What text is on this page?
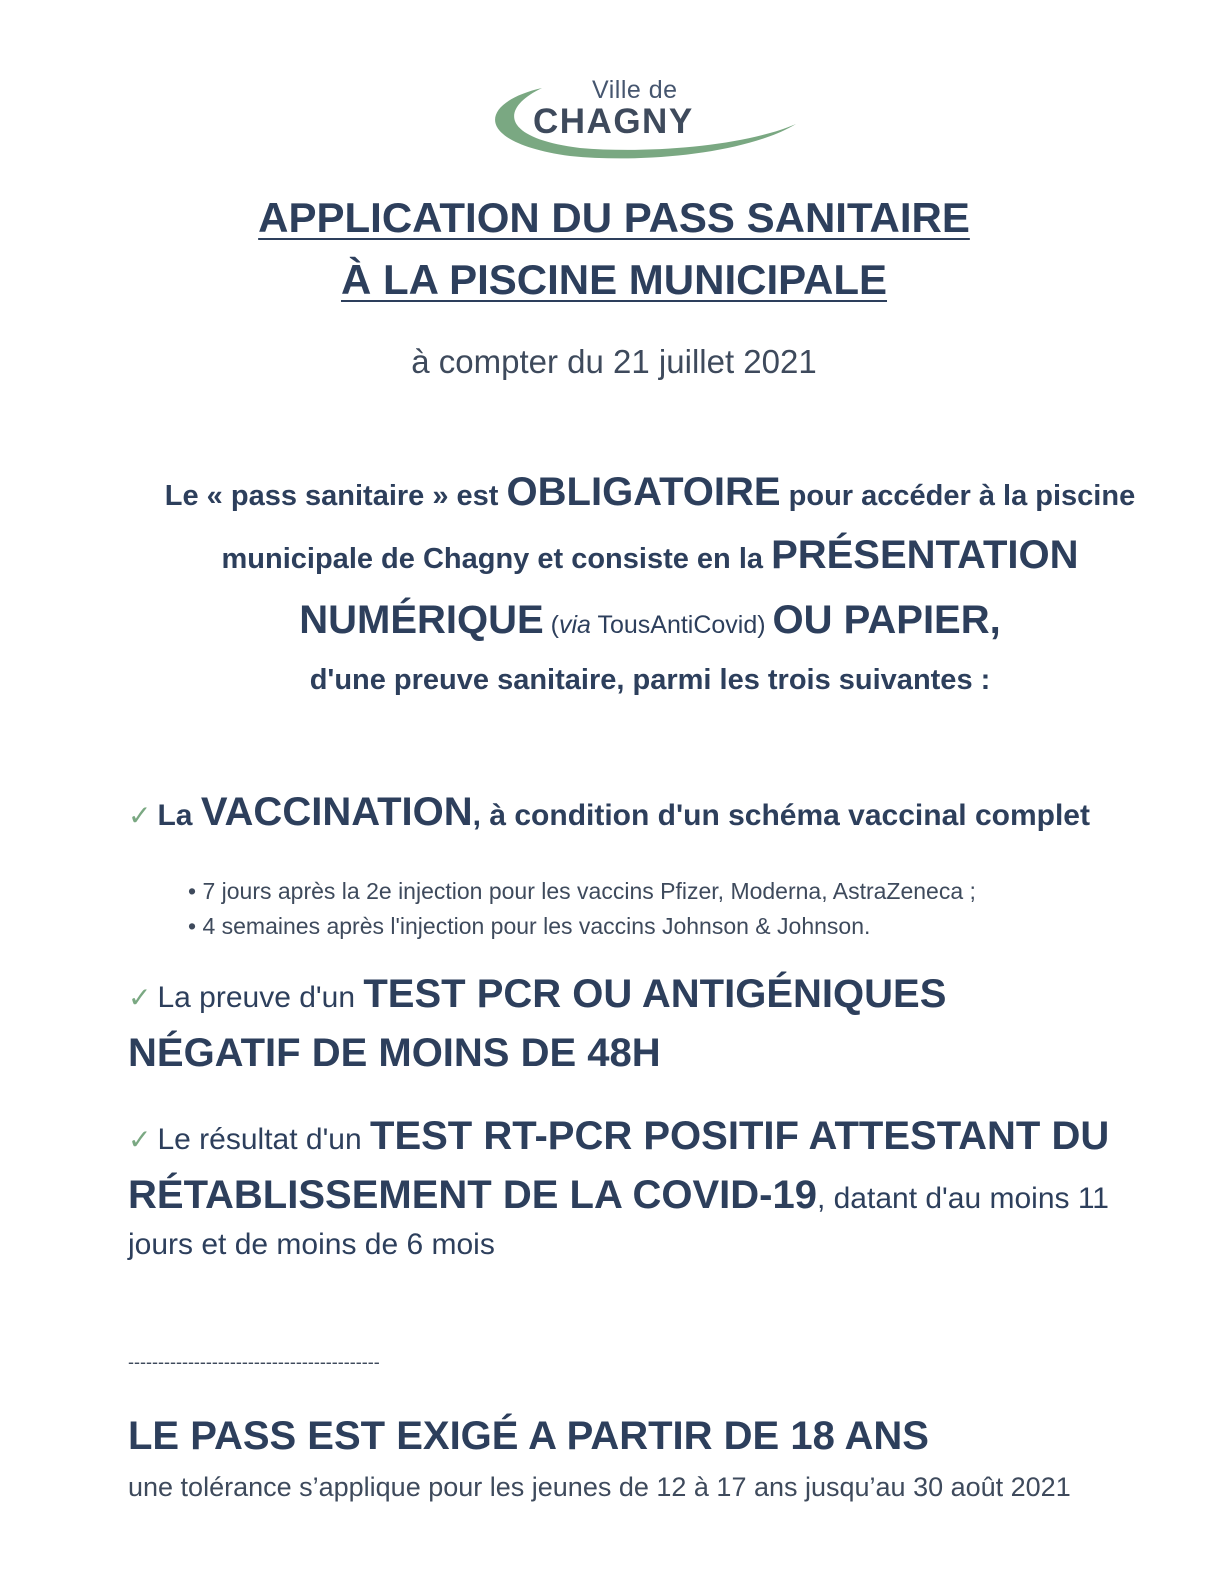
Ville de
CHAGNY
APPLICATION DU PASS SANITAIRE
À LA PISCINE MUNICIPALE
à compter du 21 juillet 2021
Le « pass sanitaire » est OBLIGATOIRE pour accéder à la piscine
municipale de Chagny et consiste en la PRÉSENTATION
NUMÉRIQUE (via TousAntiCovid) OU PAPIER,
d'une preuve sanitaire, parmi les trois suivantes :
✓ La VACCINATION, à condition d'un schéma vaccinal complet
• 7 jours après la 2e injection pour les vaccins Pfizer, Moderna, AstraZeneca ;
• 4 semaines après l'injection pour les vaccins Johnson & Johnson.
✓ La preuve d'un TEST PCR OU ANTIGÉNIQUES
NÉGATIF DE MOINS DE 48H
✓ Le résultat d'un TEST RT-PCR POSITIF ATTESTANT DU
RÉTABLISSEMENT DE LA COVID-19, datant d'au moins 11
jours et de moins de 6 mois
------------------------------------------
LE PASS EST EXIGÉ A PARTIR DE 18 ANS
une tolérance s’applique pour les jeunes de 12 à 17 ans jusqu’au 30 août 2021
